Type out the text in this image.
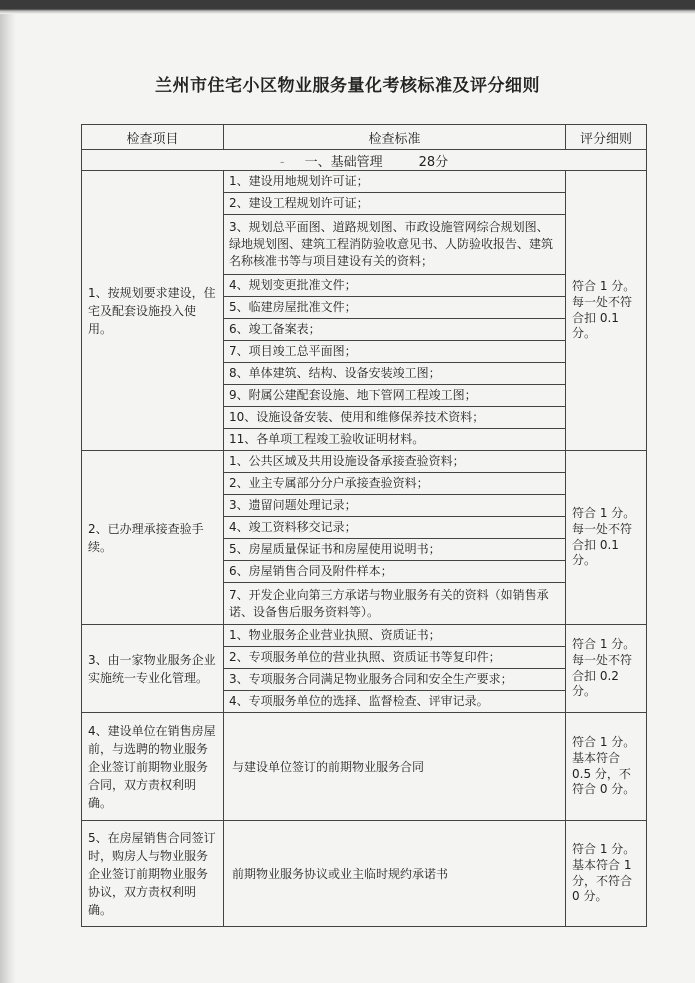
兰州市住宅小区物业服务量化考核标准及评分细则
检查项目	检查标准	评分细则
- 一、基础管理 28分		
1、按规划要求建设，住宅及配套设施投入使用。	1、建设用地规划许可证；	符合 1 分。每一处不符合扣 0.1 分。
	2、建设工程规划许可证；	
	3、规划总平面图、道路规划图、市政设施管网综合规划图、绿地规划图、建筑工程消防验收意见书、人防验收报告、建筑名称核准书等与项目建设有关的资料；	
	4、规划变更批准文件；	
	5、临建房屋批准文件；	
	6、竣工备案表；	
	7、项目竣工总平面图；	
	8、单体建筑、结构、设备安装竣工图；	
	9、附属公建配套设施、地下管网工程竣工图；	
	10、设施设备安装、使用和维修保养技术资料；	
	11、各单项工程竣工验收证明材料。	
2、已办理承接查验手续。	1、公共区域及共用设施设备承接查验资料；	符合 1 分。每一处不符合扣 0.1 分。
	2、业主专属部分分户承接查验资料；	
	3、遗留问题处理记录；	
	4、竣工资料移交记录；	
	5、房屋质量保证书和房屋使用说明书；	
	6、房屋销售合同及附件样本；	
	7、开发企业向第三方承诺与物业服务有关的资料（如销售承诺、设备售后服务资料等）。	
3、由一家物业服务企业实施统一专业化管理。	1、物业服务企业营业执照、资质证书；	符合 1 分。每一处不符合扣 0.2 分。
	2、专项服务单位的营业执照、资质证书等复印件；	
	3、专项服务合同满足物业服务合同和安全生产要求；	
	4、专项服务单位的选择、监督检查、评审记录。	
4、建设单位在销售房屋前，与选聘的物业服务企业签订前期物业服务合同，双方责权利明确。	与建设单位签订的前期物业服务合同	符合 1 分。基本符合 0.5 分，不符合 0 分。
5、在房屋销售合同签订时，购房人与物业服务企业签订前期物业服务协议，双方责权利明确。	前期物业服务协议或业主临时规约承诺书	符合 1 分。基本符合 1 分，不符合 0 分。
